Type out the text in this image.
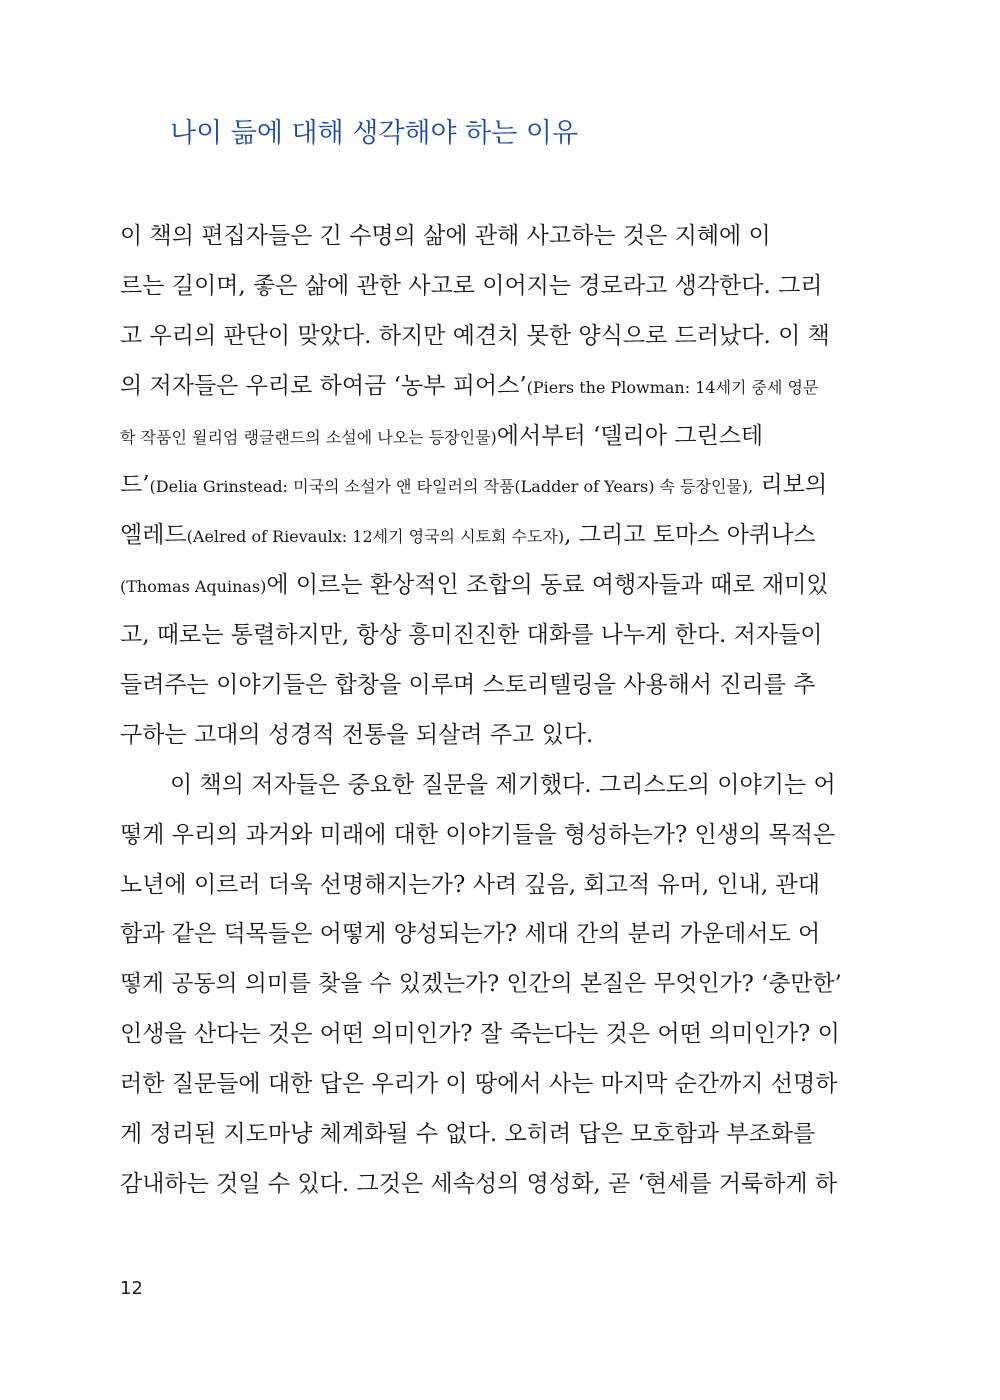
나이 듦에 대해 생각해야 하는 이유
이 책의 편집자들은 긴 수명의 삶에 관해 사고하는 것은 지혜에 이
르는 길이며, 좋은 삶에 관한 사고로 이어지는 경로라고 생각한다. 그리
고 우리의 판단이 맞았다. 하지만 예견치 못한 양식으로 드러났다. 이 책
의 저자들은 우리로 하여금 ‘농부 피어스’(Piers the Plowman: 14세기 중세 영문
학 작품인 윌리엄 랭글랜드의 소설에 나오는 등장인물)에서부터 ‘델리아 그린스테
드’(Delia Grinstead: 미국의 소설가 앤 타일러의 작품(Ladder of Years) 속 등장인물), 리보의
엘레드(Aelred of Rievaulx: 12세기 영국의 시토회 수도자), 그리고 토마스 아퀴나스
(Thomas Aquinas)에 이르는 환상적인 조합의 동료 여행자들과 때로 재미있
고, 때로는 통렬하지만, 항상 흥미진진한 대화를 나누게 한다. 저자들이
들려주는 이야기들은 합창을 이루며 스토리텔링을 사용해서 진리를 추
구하는 고대의 성경적 전통을 되살려 주고 있다.
이 책의 저자들은 중요한 질문을 제기했다. 그리스도의 이야기는 어
떻게 우리의 과거와 미래에 대한 이야기들을 형성하는가? 인생의 목적은
노년에 이르러 더욱 선명해지는가? 사려 깊음, 회고적 유머, 인내, 관대
함과 같은 덕목들은 어떻게 양성되는가? 세대 간의 분리 가운데서도 어
떻게 공동의 의미를 찾을 수 있겠는가? 인간의 본질은 무엇인가? ‘충만한’
인생을 산다는 것은 어떤 의미인가? 잘 죽는다는 것은 어떤 의미인가? 이
러한 질문들에 대한 답은 우리가 이 땅에서 사는 마지막 순간까지 선명하
게 정리된 지도마냥 체계화될 수 없다. 오히려 답은 모호함과 부조화를
감내하는 것일 수 있다. 그것은 세속성의 영성화, 곧 ‘현세를 거룩하게 하
12
